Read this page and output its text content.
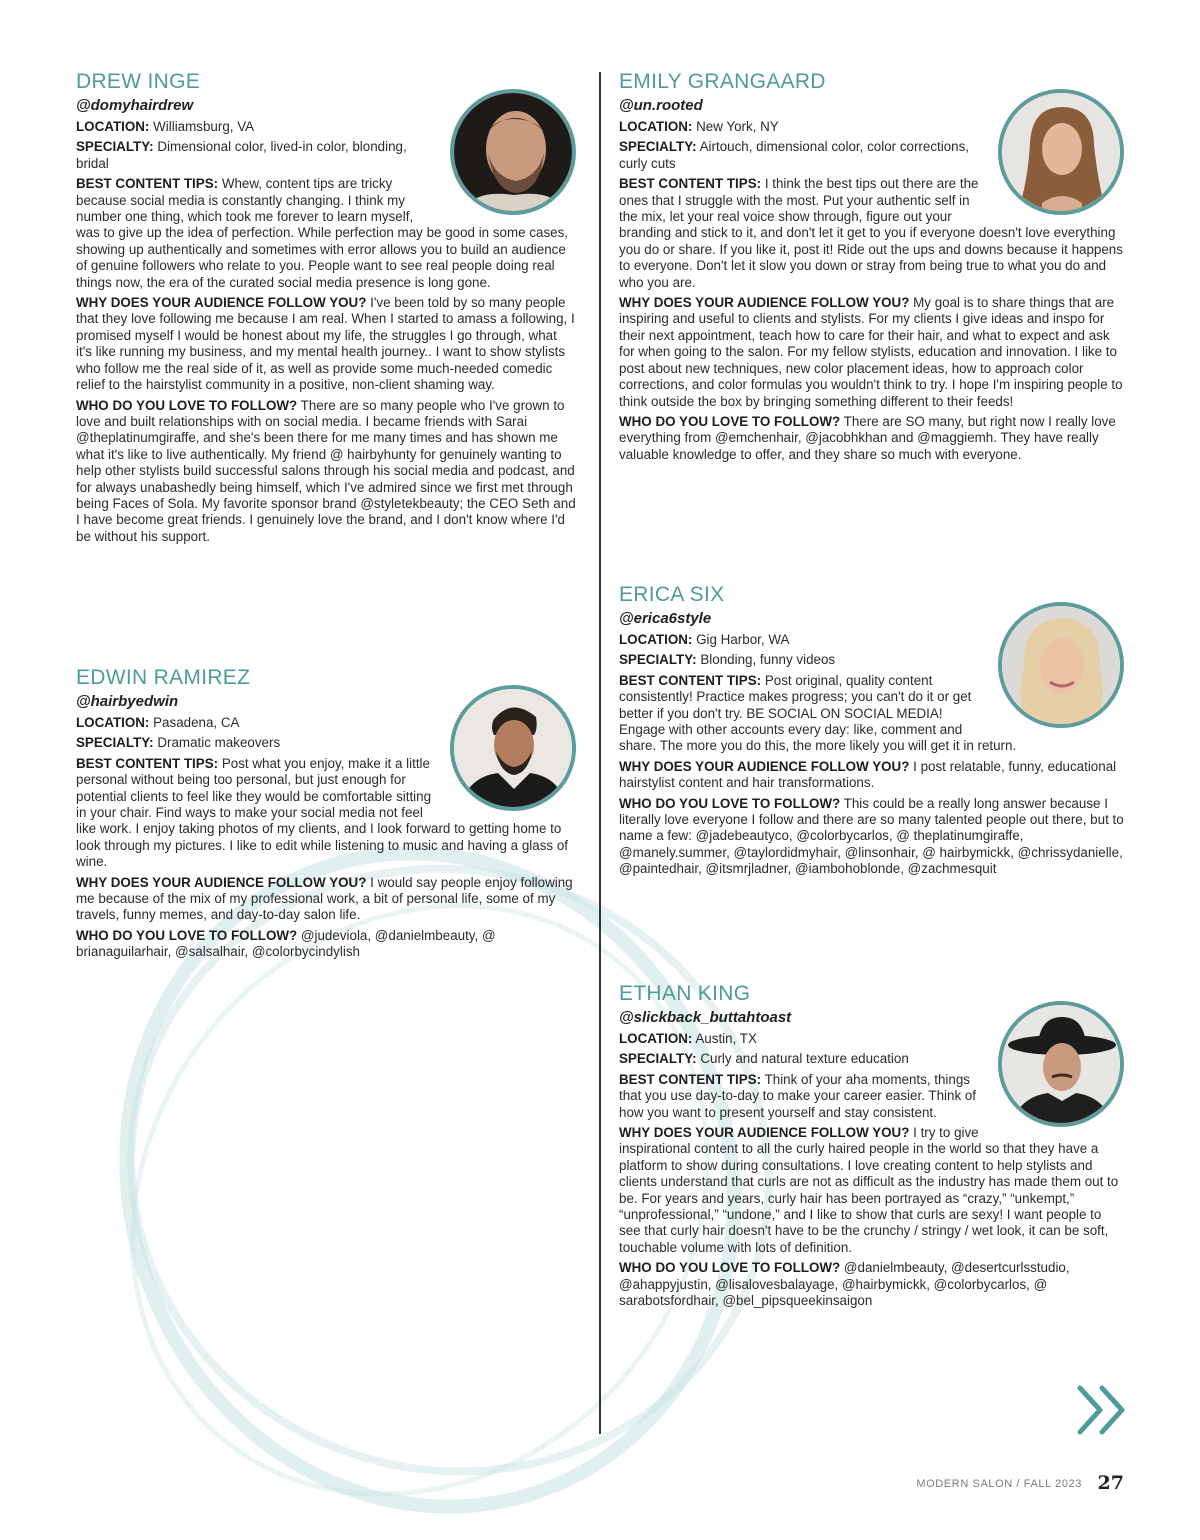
DREW INGE
@domyhairdrew

LOCATION: Williamsburg, VA

SPECIALTY: Dimensional color, lived-in color, blonding, bridal

BEST CONTENT TIPS: Whew, content tips are tricky because social media is constantly changing. I think my number one thing, which took me forever to learn myself, was to give up the idea of perfection. While perfection may be good in some cases, showing up authentically and sometimes with error allows you to build an audience of genuine followers who relate to you. People want to see real people doing real things now, the era of the curated social media presence is long gone.

WHY DOES YOUR AUDIENCE FOLLOW YOU? I've been told by so many people that they love following me because I am real. When I started to amass a following, I promised myself I would be honest about my life, the struggles I go through, what it's like running my business, and my mental health journey.. I want to show stylists who follow me the real side of it, as well as provide some much-needed comedic relief to the hairstylist community in a positive, non-client shaming way.

WHO DO YOU LOVE TO FOLLOW? There are so many people who I've grown to love and built relationships with on social media. I became friends with Sarai @theplatinumgiraffe, and she's been there for me many times and has shown me what it's like to live authentically. My friend @ hairbyhunty for genuinely wanting to help other stylists build successful salons through his social media and podcast, and for always unabashedly being himself, which I've admired since we first met through being Faces of Sola. My favorite sponsor brand @styletekbeauty; the CEO Seth and I have become great friends. I genuinely love the brand, and I don't know where I'd be without his support.

EDWIN RAMIREZ
@hairbyedwin

LOCATION: Pasadena, CA

SPECIALTY: Dramatic makeovers

BEST CONTENT TIPS: Post what you enjoy, make it a little personal without being too personal, but just enough for potential clients to feel like they would be comfortable sitting in your chair. Find ways to make your social media not feel like work. I enjoy taking photos of my clients, and I look forward to getting home to look through my pictures. I like to edit while listening to music and having a glass of wine.

WHY DOES YOUR AUDIENCE FOLLOW YOU? I would say people enjoy following me because of the mix of my professional work, a bit of personal life, some of my travels, funny memes, and day-to-day salon life.

WHO DO YOU LOVE TO FOLLOW? @judeviola, @danielmbeauty, @ brianaguilarhair, @salsalhair, @colorbycindylish

EMILY GRANGAARD
@un.rooted

LOCATION: New York, NY

SPECIALTY: Airtouch, dimensional color, color corrections, curly cuts

BEST CONTENT TIPS: I think the best tips out there are the ones that I struggle with the most. Put your authentic self in the mix, let your real voice show through, figure out your branding and stick to it, and don't let it get to you if everyone doesn't love everything you do or share. If you like it, post it! Ride out the ups and downs because it happens to everyone. Don't let it slow you down or stray from being true to what you do and who you are.

WHY DOES YOUR AUDIENCE FOLLOW YOU? My goal is to share things that are inspiring and useful to clients and stylists. For my clients I give ideas and inspo for their next appointment, teach how to care for their hair, and what to expect and ask for when going to the salon. For my fellow stylists, education and innovation. I like to post about new techniques, new color placement ideas, how to approach color corrections, and color formulas you wouldn't think to try. I hope I'm inspiring people to think outside the box by bringing something different to their feeds!

WHO DO YOU LOVE TO FOLLOW? There are SO many, but right now I really love everything from @emchenhair, @jacobhkhan and @maggiemh. They have really valuable knowledge to offer, and they share so much with everyone.

ERICA SIX
@erica6style

LOCATION: Gig Harbor, WA

SPECIALTY: Blonding, funny videos

BEST CONTENT TIPS: Post original, quality content consistently! Practice makes progress; you can't do it or get better if you don't try. BE SOCIAL ON SOCIAL MEDIA! Engage with other accounts every day: like, comment and share. The more you do this, the more likely you will get it in return.

WHY DOES YOUR AUDIENCE FOLLOW YOU? I post relatable, funny, educational hairstylist content and hair transformations.

WHO DO YOU LOVE TO FOLLOW? This could be a really long answer because I literally love everyone I follow and there are so many talented people out there, but to name a few: @jadebeautyco, @colorbycarlos, @ theplatinumgiraffe, @manely.summer, @taylordidmyhair, @linsonhair, @ hairbymickk, @chrissydanielle, @paintedhair, @itsmrjladner, @iambohoblonde, @zachmesquit

ETHAN KING
@slickback_buttahtoast

LOCATION: Austin, TX

SPECIALTY: Curly and natural texture education

BEST CONTENT TIPS: Think of your aha moments, things that you use day-to-day to make your career easier. Think of how you want to present yourself and stay consistent.

WHY DOES YOUR AUDIENCE FOLLOW YOU? I try to give inspirational content to all the curly haired people in the world so that they have a platform to show during consultations. I love creating content to help stylists and clients understand that curls are not as difficult as the industry has made them out to be. For years and years, curly hair has been portrayed as “crazy,” “unkempt,” “unprofessional,” “undone,” and I like to show that curls are sexy! I want people to see that curly hair doesn't have to be the crunchy / stringy / wet look, it can be soft, touchable volume with lots of definition.

WHO DO YOU LOVE TO FOLLOW? @danielmbeauty, @desertcurlsstudio, @ahappyjustin, @lisalovesbalayage, @hairbymickk, @colorbycarlos, @ sarabotsfordhair, @bel_pipsqueekinsaigon

MODERN SALON / FALL 2023 27
